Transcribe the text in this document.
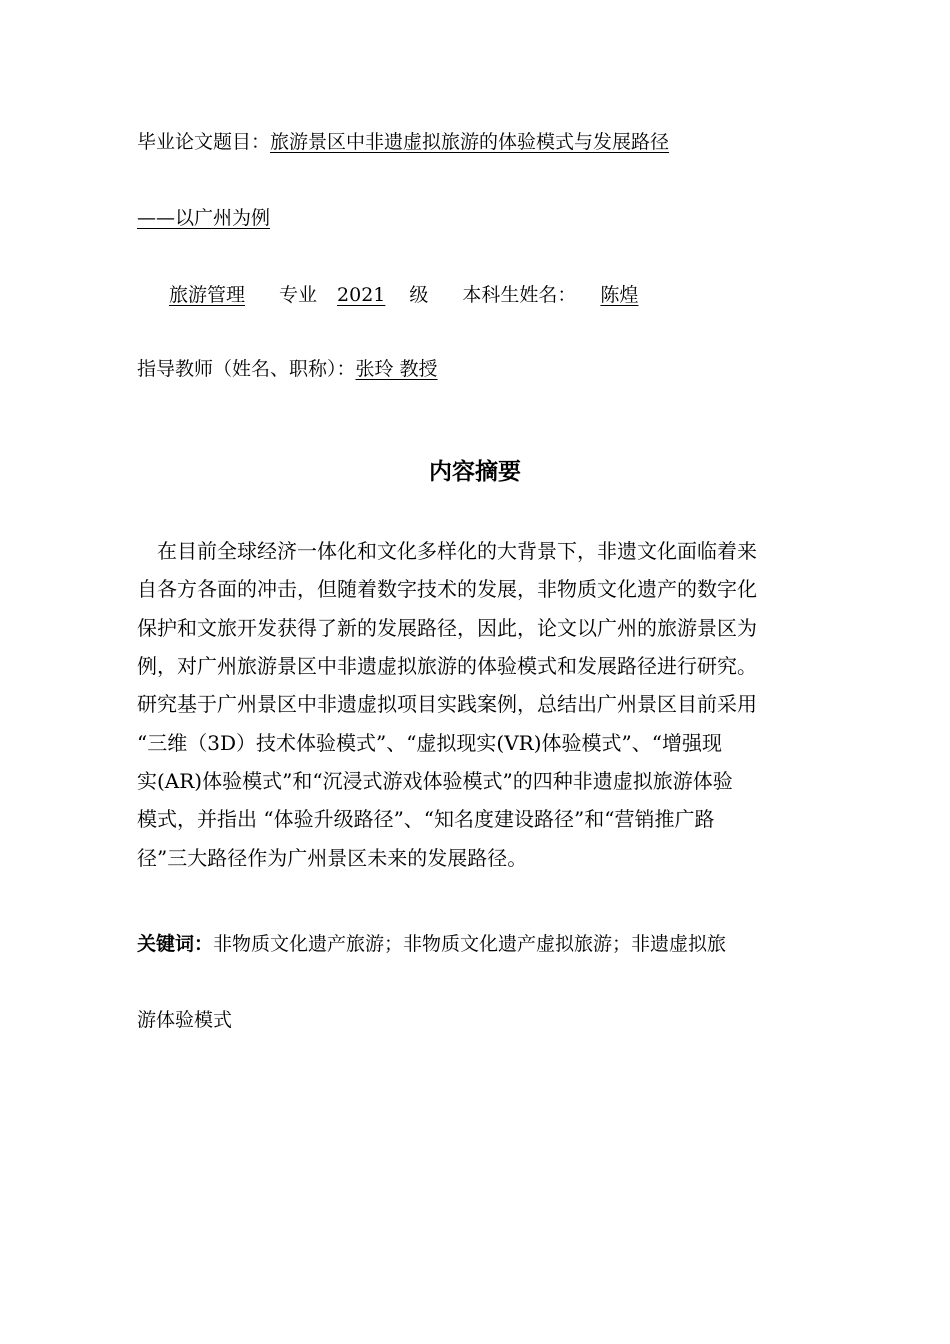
毕业论文题目：旅游景区中非遗虚拟旅游的体验模式与发展路径
——以广州为例
旅游管理 专业 2021 级 本科生姓名： 陈煌
指导教师（姓名、职称）：张玲 教授
内容摘要
　在目前全球经济一体化和文化多样化的大背景下，非遗文化面临着来
自各方各面的冲击，但随着数字技术的发展，非物质文化遗产的数字化
保护和文旅开发获得了新的发展路径，因此，论文以广州的旅游景区为
例，对广州旅游景区中非遗虚拟旅游的体验模式和发展路径进行研究。
研究基于广州景区中非遗虚拟项目实践案例，总结出广州景区目前采用
“三维（3D）技术体验模式”、“虚拟现实(VR)体验模式”、“增强现
实(AR)体验模式”和“沉浸式游戏体验模式”的四种非遗虚拟旅游体验
模式，并指出 “体验升级路径”、“知名度建设路径”和“营销推广路
径”三大路径作为广州景区未来的发展路径。
关键词：非物质文化遗产旅游；非物质文化遗产虚拟旅游；非遗虚拟旅
游体验模式
